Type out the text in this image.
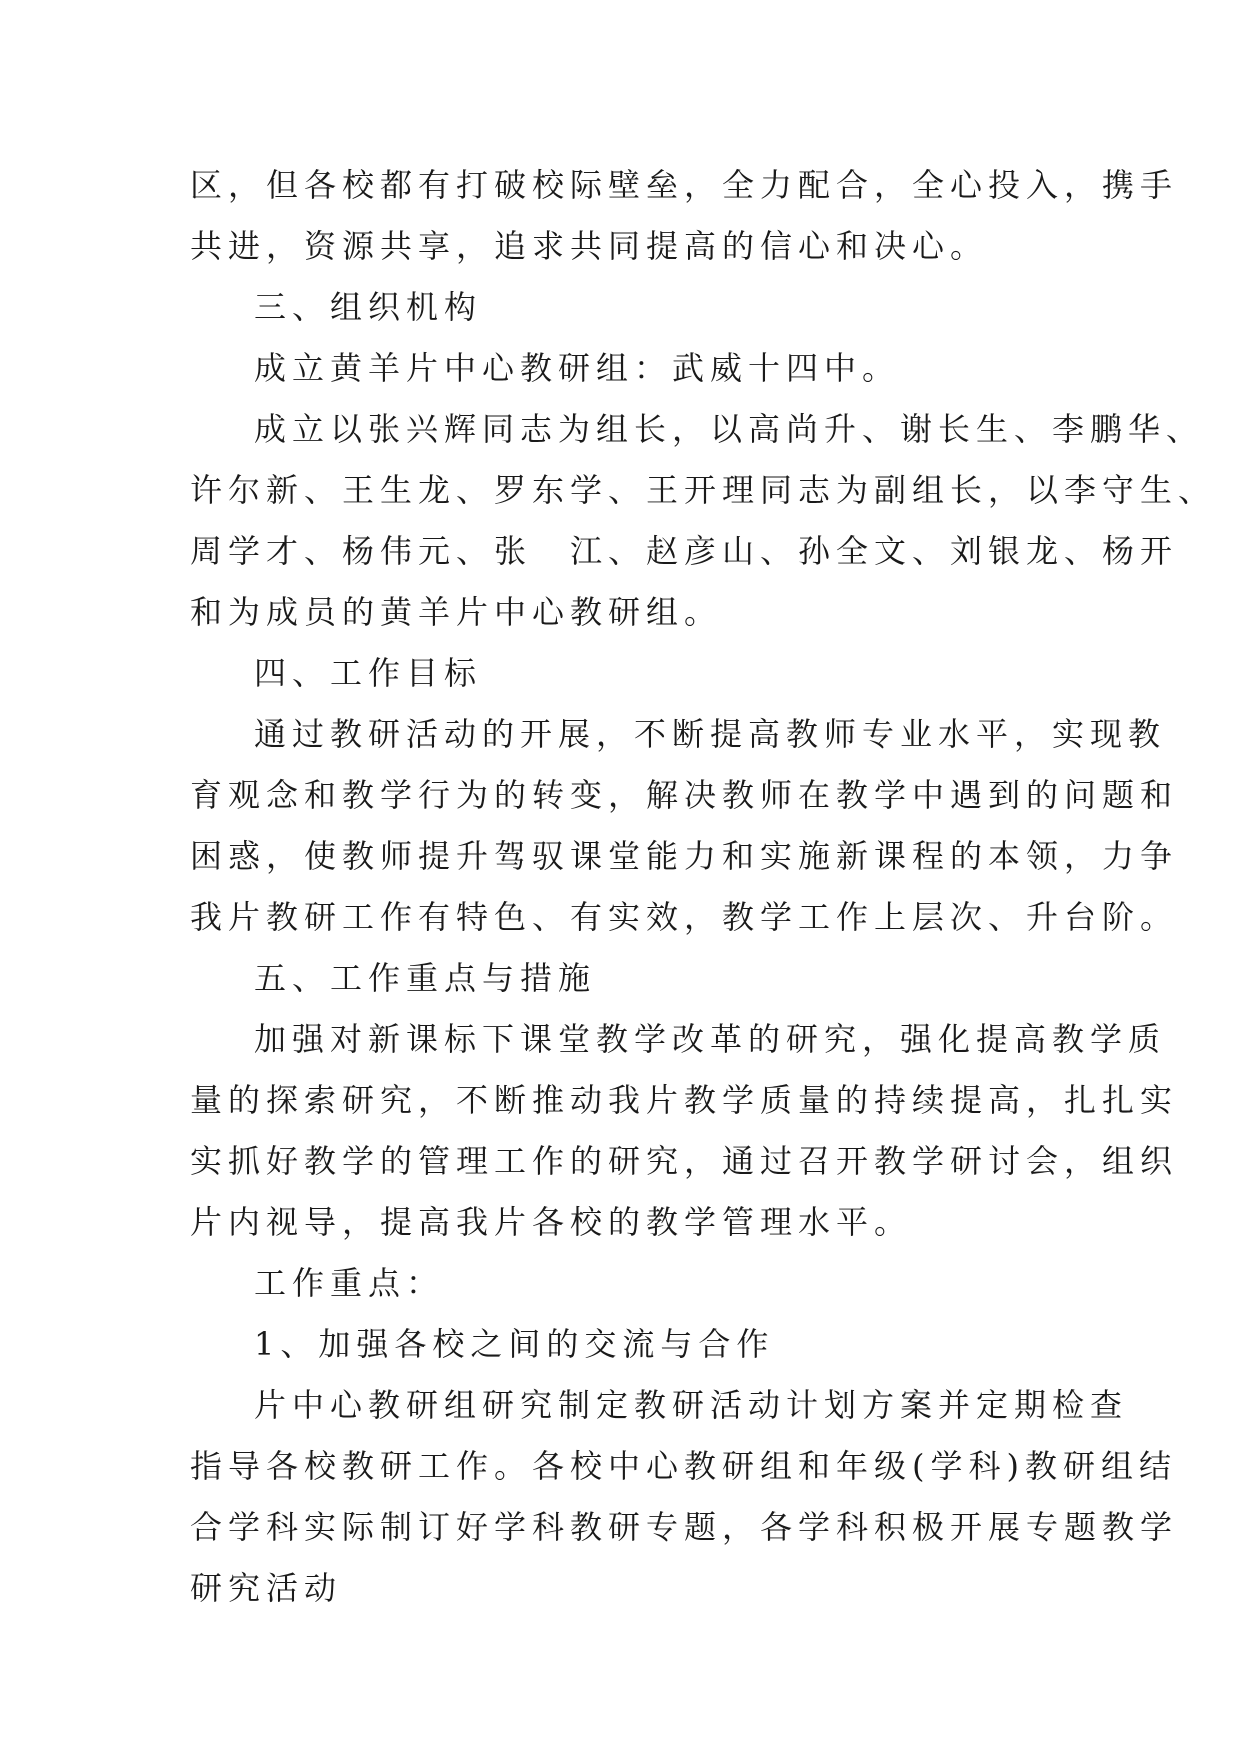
区，但各校都有打破校际壁垒，全力配合，全心投入，携手
共进，资源共享，追求共同提高的信心和决心。
三、组织机构
成立黄羊片中心教研组：武威十四中。
成立以张兴辉同志为组长，以高尚升、谢长生、李鹏华、
许尔新、王生龙、罗东学、王开理同志为副组长，以李守生、
周学才、杨伟元、张　江、赵彦山、孙全文、刘银龙、杨开
和为成员的黄羊片中心教研组。
四、工作目标
通过教研活动的开展，不断提高教师专业水平，实现教
育观念和教学行为的转变，解决教师在教学中遇到的问题和
困惑，使教师提升驾驭课堂能力和实施新课程的本领，力争
我片教研工作有特色、有实效，教学工作上层次、升台阶。
五、工作重点与措施
加强对新课标下课堂教学改革的研究，强化提高教学质
量的探索研究，不断推动我片教学质量的持续提高，扎扎实
实抓好教学的管理工作的研究，通过召开教学研讨会，组织
片内视导，提高我片各校的教学管理水平。
工作重点：
1、加强各校之间的交流与合作
片中心教研组研究制定教研活动计划方案并定期检查
指导各校教研工作。各校中心教研组和年级(学科)教研组结
合学科实际制订好学科教研专题，各学科积极开展专题教学
研究活动
